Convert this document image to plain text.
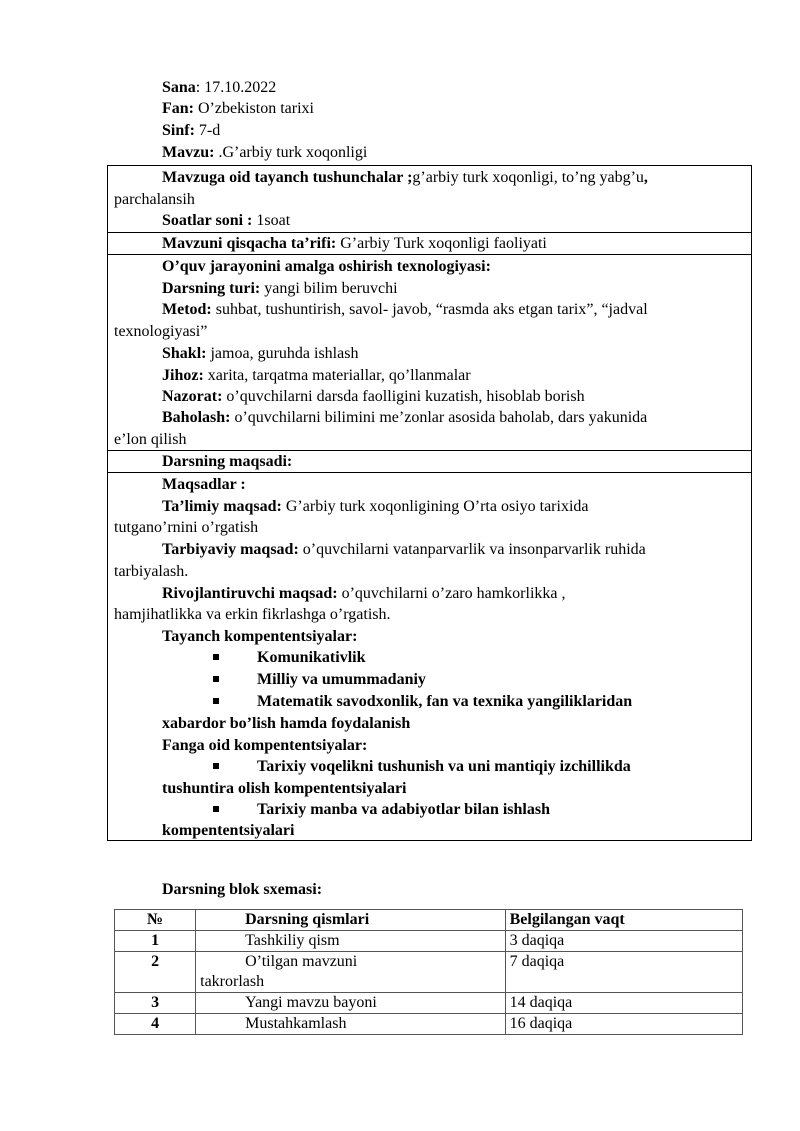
Sana: 17.10.2022
Fan: O’zbekiston tarixi
Sinf: 7-d
Mavzu: .G’arbiy turk xoqonligi
Mavzuga oid tayanch tushunchalar ;g’arbiy turk xoqonligi, to’ng yabg’u,
parchalansih
Soatlar soni : 1soat
Mavzuni qisqacha ta’rifi: G’arbiy Turk xoqonligi faoliyati
O’quv jarayonini amalga oshirish texnologiyasi:
Darsning turi: yangi bilim beruvchi
Metod: suhbat, tushuntirish, savol- javob, “rasmda aks etgan tarix”, “jadval
texnologiyasi”
Shakl: jamoa, guruhda ishlash
Jihoz: xarita, tarqatma materiallar, qo’llanmalar
Nazorat: o’quvchilarni darsda faolligini kuzatish, hisoblab borish
Baholash: o’quvchilarni bilimini me’zonlar asosida baholab, dars yakunida
e’lon qilish
Darsning maqsadi:
Maqsadlar :
Ta’limiy maqsad: G’arbiy turk xoqonligining O’rta osiyo tarixida
tutgano’rnini o’rgatish
Tarbiyaviy maqsad: o’quvchilarni vatanparvarlik va insonparvarlik ruhida
tarbiyalash.
Rivojlantiruvchi maqsad: o’quvchilarni o’zaro hamkorlikka ,
hamjihatlikka va erkin fikrlashga o’rgatish.
Tayanch kompententsiyalar:
Komunikativlik
Milliy va umummadaniy
Matematik savodxonlik, fan va texnika yangiliklaridan
xabardor bo’lish hamda foydalanish
Fanga oid kompententsiyalar:
Tarixiy voqelikni tushunish va uni mantiqiy izchillikda
tushuntira olish kompententsiyalari
Tarixiy manba va adabiyotlar bilan ishlash
kompententsiyalari
Darsning blok sxemasi:
№	Darsning qismlari	Belgilangan vaqt
1	Tashkiliy qism	3 daqiqa
2	O’tilgan mavzuni
takrorlash	7 daqiqa
3	Yangi mavzu bayoni	14 daqiqa
4	Mustahkamlash	16 daqiqa
